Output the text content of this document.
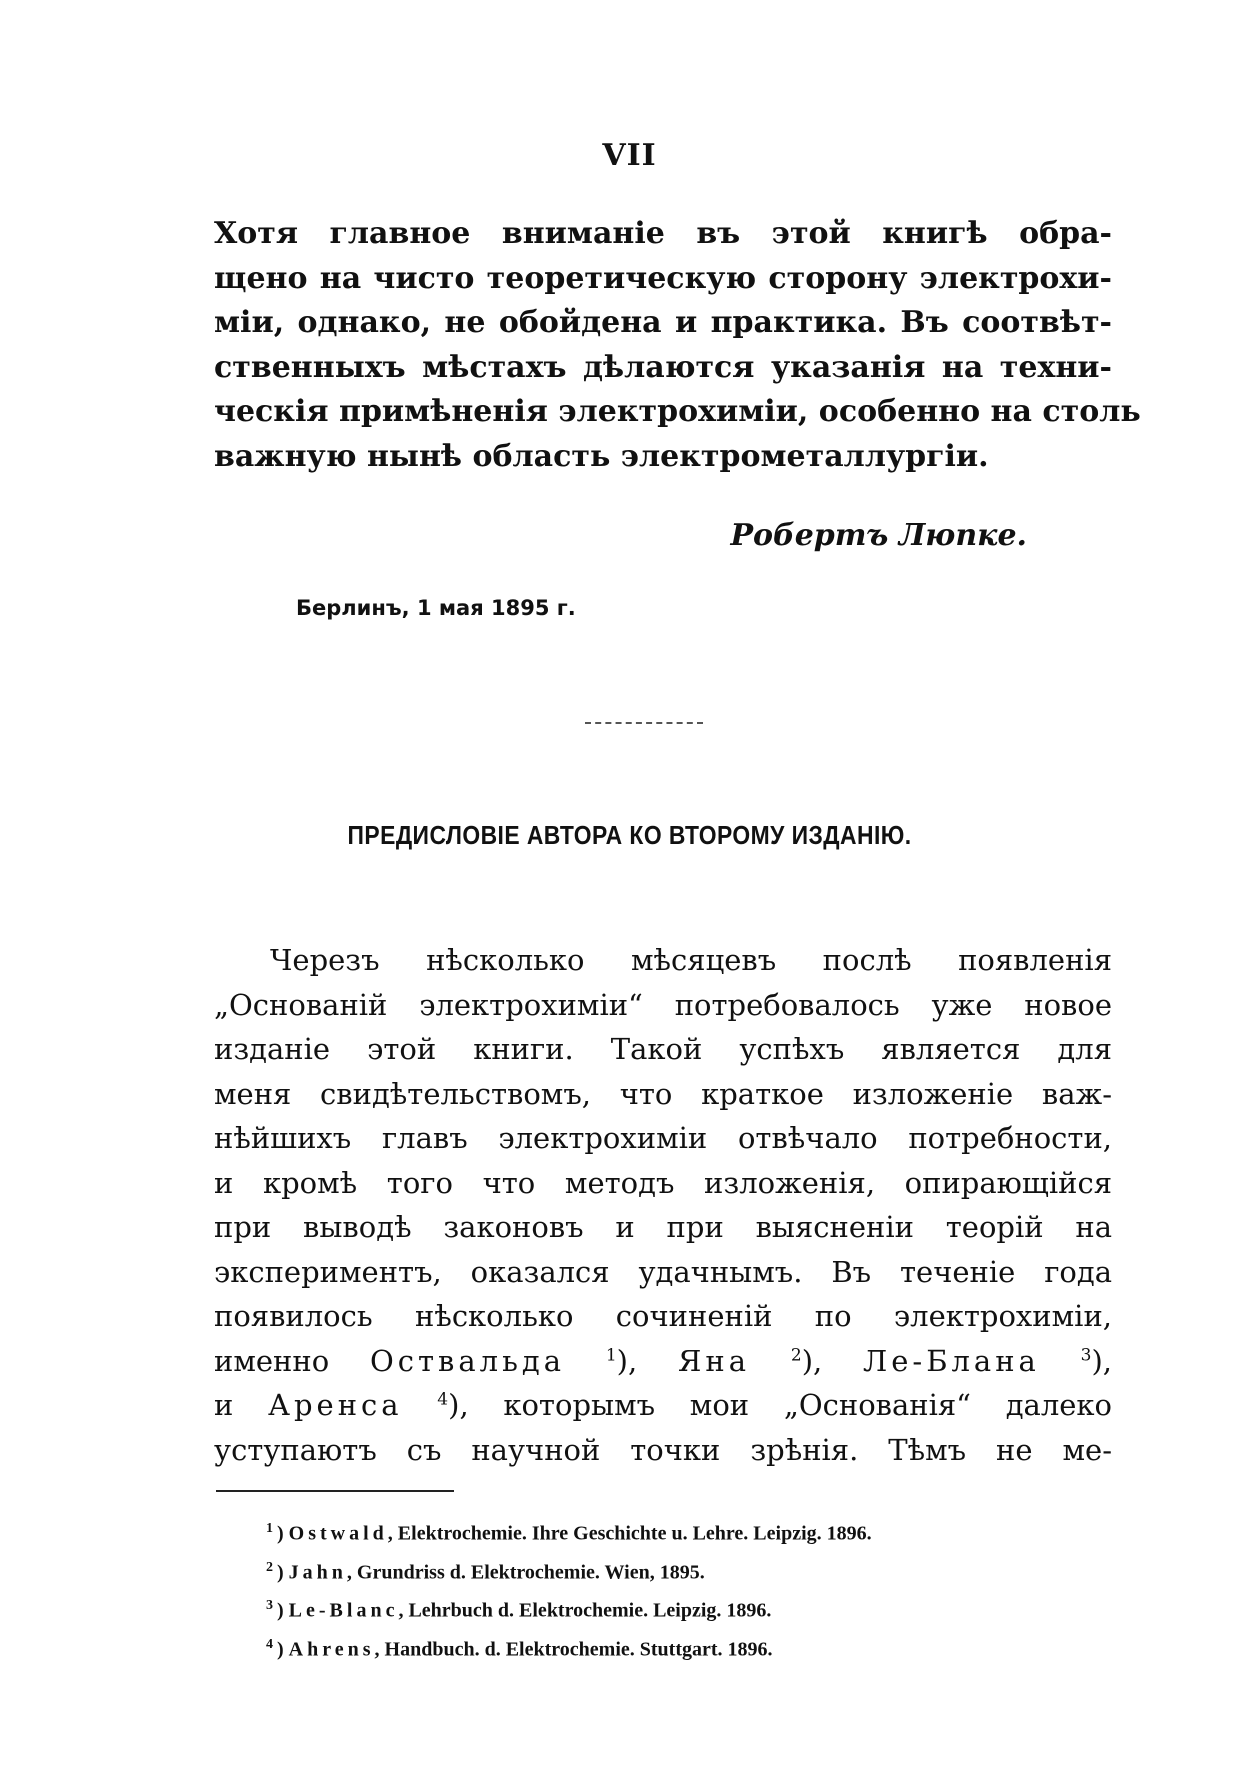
VII
Хотя главное вниманіе въ этой книгѣ обра-
щено на чисто теоретическую сторону электрохи-
міи, однако, не обойдена и практика. Въ соотвѣт-
ственныхъ мѣстахъ дѣлаются указанія на техни-
ческія примѣненія электрохиміи, особенно на столь
важную нынѣ область электрометаллургіи.
Робертъ Люпке.
Берлинъ, 1 мая 1895 г.
ПРЕДИСЛОВІЕ АВТОРА КО ВТОРОМУ ИЗДАНІЮ.
Черезъ нѣсколько мѣсяцевъ послѣ появленія
„Основаній электрохиміи“ потребовалось уже новое
изданіе этой книги. Такой успѣхъ является для
меня свидѣтельствомъ, что краткое изложеніе важ-
нѣйшихъ главъ электрохиміи отвѣчало потребности,
и кромѣ того что методъ изложенія, опирающійся
при выводѣ законовъ и при выясненіи теорій на
экспериментъ, оказался удачнымъ. Въ теченіе года
появилось нѣсколько сочиненій по электрохиміи,
именно Оствальда $^1$), Яна $^2$), Ле-Блана $^3$),
и Аренса $^4$), которымъ мои „Основанія“ далеко
уступаютъ съ научной точки зрѣнія. Тѣмъ не ме-
$^1$ ) Ostwald, Elektrochemie. Ihre Geschichte u. Lehre. Leipzig. 1896.
$^2$ ) Jahn, Grundriss d. Elektrochemie. Wien, 1895.
$^3$ ) Le-Blanc, Lehrbuch d. Elektrochemie. Leipzig. 1896.
$^4$ ) Ahrens, Handbuch. d. Elektrochemie. Stuttgart. 1896.
